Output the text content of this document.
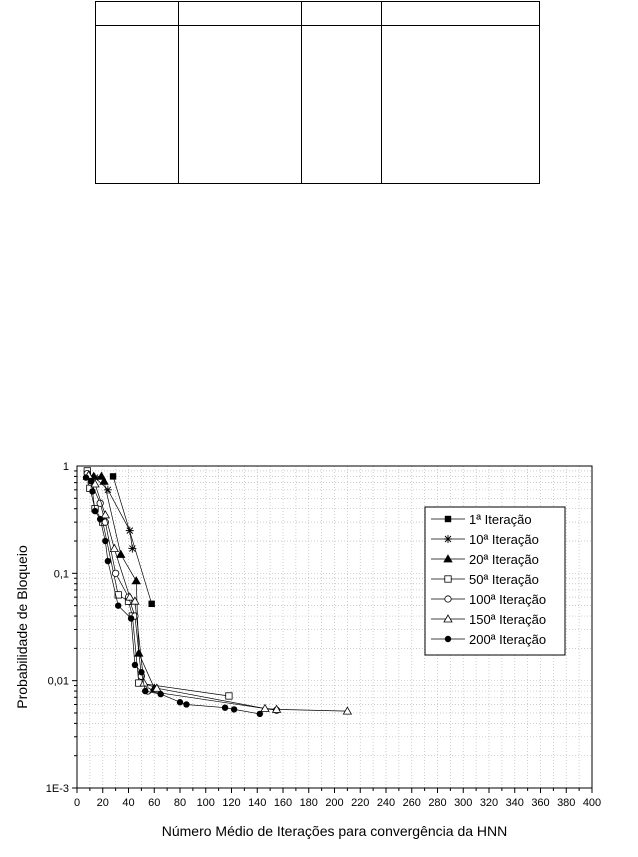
0 20 40 60 80 100 120 140 160 180 200 220 240 260 280 300 320 340 360 380 400
1
0,1
0,01
1E-3
Número Médio de Iterações para convergência da HNN
Probabilidade de Bloqueio
1ª Iteração
10ª Iteração
20ª Iteração
50ª Iteração
100ª Iteração
150ª Iteração
200ª Iteração
